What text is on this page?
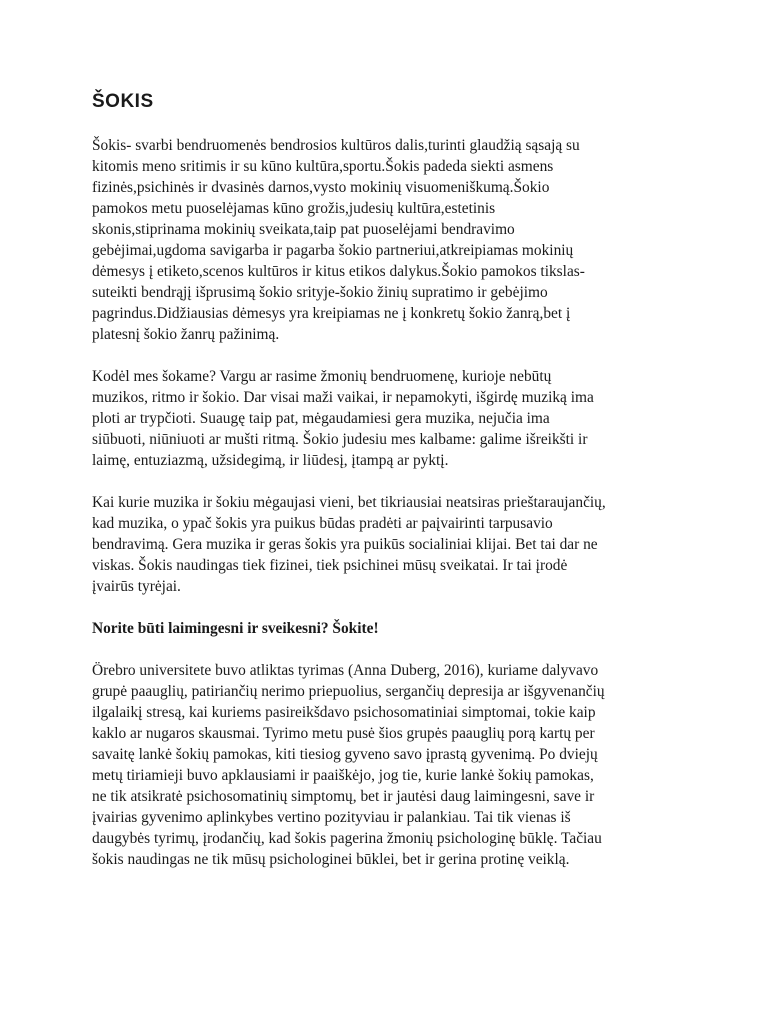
ŠOKIS

Šokis- svarbi bendruomenės bendrosios kultūros dalis,turinti glaudžią sąsają su
kitomis meno sritimis ir su kūno kultūra,sportu.Šokis padeda siekti asmens
fizinės,psichinės ir dvasinės darnos,vysto mokinių visuomeniškumą.Šokio
pamokos metu puoselėjamas kūno grožis,judesių kultūra,estetinis
skonis,stiprinama mokinių sveikata,taip pat puoselėjami bendravimo
gebėjimai,ugdoma savigarba ir pagarba šokio partneriui,atkreipiamas mokinių
dėmesys į etiketo,scenos kultūros ir kitus etikos dalykus.Šokio pamokos tikslas-
suteikti bendrąjį išprusimą šokio srityje-šokio žinių supratimo ir gebėjimo
pagrindus.Didžiausias dėmesys yra kreipiamas ne į konkretų šokio žanrą,bet į
platesnį šokio žanrų pažinimą.

Kodėl mes šokame? Vargu ar rasime žmonių bendruomenę, kurioje nebūtų
muzikos, ritmo ir šokio. Dar visai maži vaikai, ir nepamokyti, išgirdę muziką ima
ploti ar trypčioti. Suaugę taip pat, mėgaudamiesi gera muzika, nejučia ima
siūbuoti, niūniuoti ar mušti ritmą. Šokio judesiu mes kalbame: galime išreikšti ir
laimę, entuziazmą, užsidegimą, ir liūdesį, įtampą ar pyktį.

Kai kurie muzika ir šokiu mėgaujasi vieni, bet tikriausiai neatsiras prieštaraujančių,
kad muzika, o ypač šokis yra puikus būdas pradėti ar paįvairinti tarpusavio
bendravimą. Gera muzika ir geras šokis yra puikūs socialiniai klijai. Bet tai dar ne
viskas. Šokis naudingas tiek fizinei, tiek psichinei mūsų sveikatai. Ir tai įrodė
įvairūs tyrėjai.

Norite būti laimingesni ir sveikesni? Šokite!

Örebro universitete buvo atliktas tyrimas (Anna Duberg, 2016), kuriame dalyvavo
grupė paauglių, patiriančių nerimo priepuolius, sergančių depresija ar išgyvenančių
ilgalaikį stresą, kai kuriems pasireikšdavo psichosomatiniai simptomai, tokie kaip
kaklo ar nugaros skausmai. Tyrimo metu pusė šios grupės paauglių porą kartų per
savaitę lankė šokių pamokas, kiti tiesiog gyveno savo įprastą gyvenimą. Po dviejų
metų tiriamieji buvo apklausiami ir paaiškėjo, jog tie, kurie lankė šokių pamokas,
ne tik atsikratė psichosomatinių simptomų, bet ir jautėsi daug laimingesni, save ir
įvairias gyvenimo aplinkybes vertino pozityviau ir palankiau. Tai tik vienas iš
daugybės tyrimų, įrodančių, kad šokis pagerina žmonių psichologinę būklę. Tačiau
šokis naudingas ne tik mūsų psichologinei būklei, bet ir gerina protinę veiklą.
